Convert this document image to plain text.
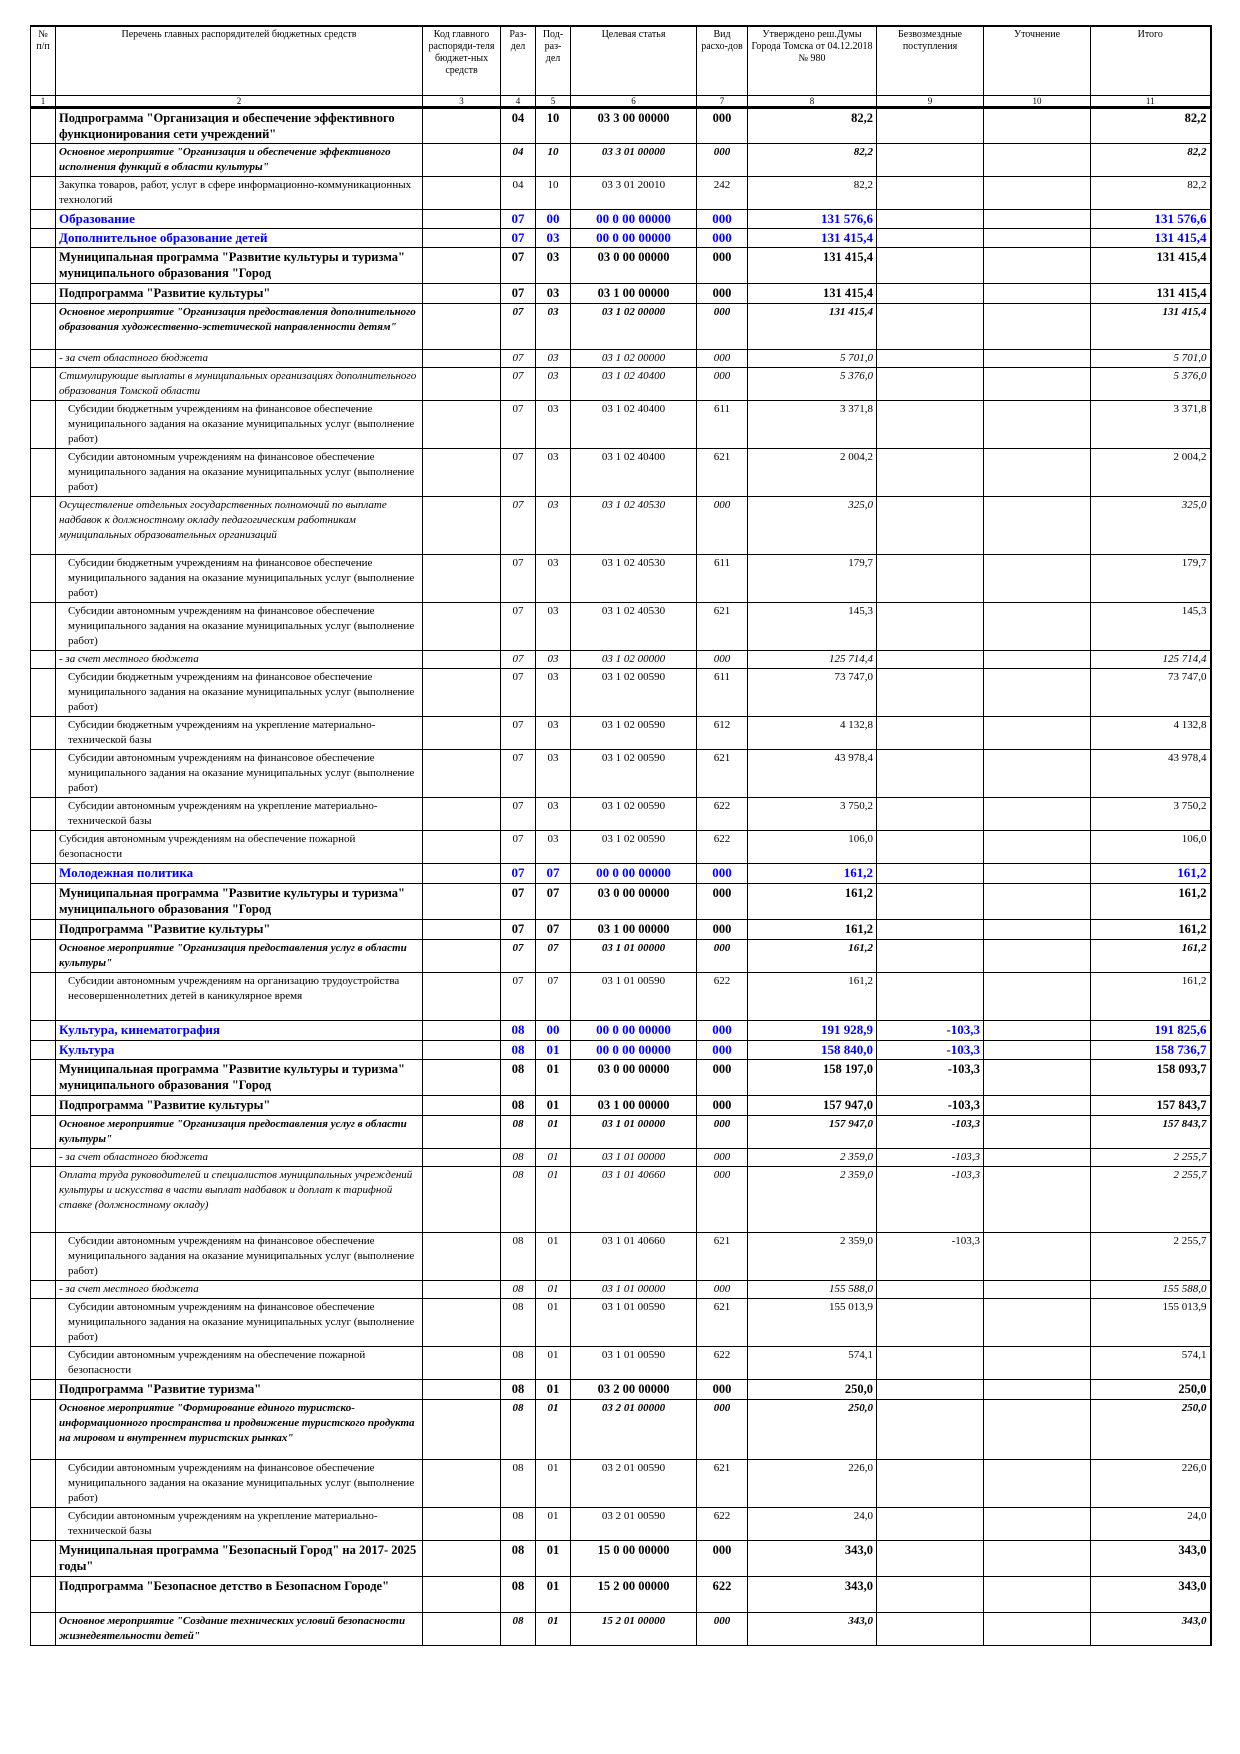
№ п/п	Перечень главных распорядителей бюджетных средств	Код главного распоряди-теля бюджет-ных средств	Раз-дел	Под-раз-дел	Целевая статья	Вид расхо-дов	Утверждено реш.Думы Города Томска от 04.12.2018 № 980	Безвозмездные поступления	Уточнение	Итого
1	2	3	4	5	6	7	8	9	10	11
	Подпрограмма "Организация и обеспечение эффективного функционирования сети учреждений"		04	10	03 3 00 00000	000	82,2			82,2
	Основное мероприятие "Организация и обеспечение эффективного исполнения функций в области культуры"		04	10	03 3 01 00000	000	82,2			82,2
	Закупка товаров, работ, услуг в сфере информационно-коммуникационных технологий		04	10	03 3 01 20010	242	82,2			82,2
	Образование		07	00	00 0 00 00000	000	131 576,6			131 576,6
	Дополнительное образование детей		07	03	00 0 00 00000	000	131 415,4			131 415,4
	Муниципальная программа "Развитие культуры и туризма" муниципального образования "Город		07	03	03 0 00 00000	000	131 415,4			131 415,4
	Подпрограмма "Развитие культуры"		07	03	03 1 00 00000	000	131 415,4			131 415,4
	Основное мероприятие "Организация предоставления дополнительного образования художественно-эстетической направленности детям"		07	03	03 1 02 00000	000	131 415,4			131 415,4
	- за счет областного бюджета		07	03	03 1 02 00000	000	5 701,0			5 701,0
	Стимулирующие выплаты в муниципальных организациях дополнительного образования Томской области		07	03	03 1 02 40400	000	5 376,0			5 376,0
	Субсидии бюджетным учреждениям на финансовое обеспечение муниципального задания на оказание муниципальных услуг (выполнение работ)		07	03	03 1 02 40400	611	3 371,8			3 371,8
	Субсидии автономным учреждениям на финансовое обеспечение муниципального задания на оказание муниципальных услуг (выполнение работ)		07	03	03 1 02 40400	621	2 004,2			2 004,2
	Осуществление отдельных государственных полномочий по выплате надбавок к должностному окладу педагогическим работникам муниципальных образовательных организаций		07	03	03 1 02 40530	000	325,0			325,0
	Субсидии бюджетным учреждениям на финансовое обеспечение муниципального задания на оказание муниципальных услуг (выполнение работ)		07	03	03 1 02 40530	611	179,7			179,7
	Субсидии автономным учреждениям на финансовое обеспечение муниципального задания на оказание муниципальных услуг (выполнение работ)		07	03	03 1 02 40530	621	145,3			145,3
	- за счет местного бюджета		07	03	03 1 02 00000	000	125 714,4			125 714,4
	Субсидии бюджетным учреждениям на финансовое обеспечение муниципального задания на оказание муниципальных услуг (выполнение работ)		07	03	03 1 02 00590	611	73 747,0			73 747,0
	Субсидии бюджетным учреждениям на укрепление материально-технической базы		07	03	03 1 02 00590	612	4 132,8			4 132,8
	Субсидии автономным учреждениям на финансовое обеспечение муниципального задания на оказание муниципальных услуг (выполнение работ)		07	03	03 1 02 00590	621	43 978,4			43 978,4
	Субсидии автономным учреждениям на укрепление материально-технической базы		07	03	03 1 02 00590	622	3 750,2			3 750,2
	Субсидия автономным учреждениям на обеспечение пожарной безопасности		07	03	03 1 02 00590	622	106,0			106,0
	Молодежная политика		07	07	00 0 00 00000	000	161,2			161,2
	Муниципальная программа "Развитие культуры и туризма" муниципального образования "Город		07	07	03 0 00 00000	000	161,2			161,2
	Подпрограмма "Развитие культуры"		07	07	03 1 00 00000	000	161,2			161,2
	Основное мероприятие "Организация предоставления услуг в области культуры"		07	07	03 1 01 00000	000	161,2			161,2
	Субсидии автономным учреждениям на организацию трудоустройства несовершеннолетних детей в каникулярное время		07	07	03 1 01 00590	622	161,2			161,2
	Культура, кинематография		08	00	00 0 00 00000	000	191 928,9	-103,3		191 825,6
	Культура		08	01	00 0 00 00000	000	158 840,0	-103,3		158 736,7
	Муниципальная программа "Развитие культуры и туризма" муниципального образования "Город		08	01	03 0 00 00000	000	158 197,0	-103,3		158 093,7
	Подпрограмма "Развитие культуры"		08	01	03 1 00 00000	000	157 947,0	-103,3		157 843,7
	Основное мероприятие "Организация предоставления услуг в области культуры"		08	01	03 1 01 00000	000	157 947,0	-103,3		157 843,7
	- за счет областного бюджета		08	01	03 1 01 00000	000	2 359,0	-103,3		2 255,7
	Оплата труда руководителей и специалистов муниципальных учреждений культуры и искусства в части выплат надбавок и доплат к тарифной ставке (должностному окладу)		08	01	03 1 01 40660	000	2 359,0	-103,3		2 255,7
	Субсидии автономным учреждениям на финансовое обеспечение муниципального задания на оказание муниципальных услуг (выполнение работ)		08	01	03 1 01 40660	621	2 359,0	-103,3		2 255,7
	- за счет местного бюджета		08	01	03 1 01 00000	000	155 588,0			155 588,0
	Субсидии автономным учреждениям на финансовое обеспечение муниципального задания на оказание муниципальных услуг (выполнение работ)		08	01	03 1 01 00590	621	155 013,9			155 013,9
	Субсидии автономным учреждениям на обеспечение пожарной безопасности		08	01	03 1 01 00590	622	574,1			574,1
	Подпрограмма "Развитие туризма"		08	01	03 2 00 00000	000	250,0			250,0
	Основное мероприятие "Формирование единого туристско-информационного пространства и продвижение туристского продукта на мировом и внутреннем туристских рынках"		08	01	03 2 01 00000	000	250,0			250,0
	Субсидии автономным учреждениям на финансовое обеспечение муниципального задания на оказание муниципальных услуг (выполнение работ)		08	01	03 2 01 00590	621	226,0			226,0
	Субсидии автономным учреждениям на укрепление материально-технической базы		08	01	03 2 01 00590	622	24,0			24,0
	Муниципальная программа "Безопасный Город" на 2017- 2025 годы"		08	01	15 0 00 00000	000	343,0			343,0
	Подпрограмма "Безопасное детство в Безопасном Городе"		08	01	15 2 00 00000	622	343,0			343,0
	Основное мероприятие "Создание технических условий безопасности жизнедеятельности детей"		08	01	15 2 01 00000	000	343,0			343,0
